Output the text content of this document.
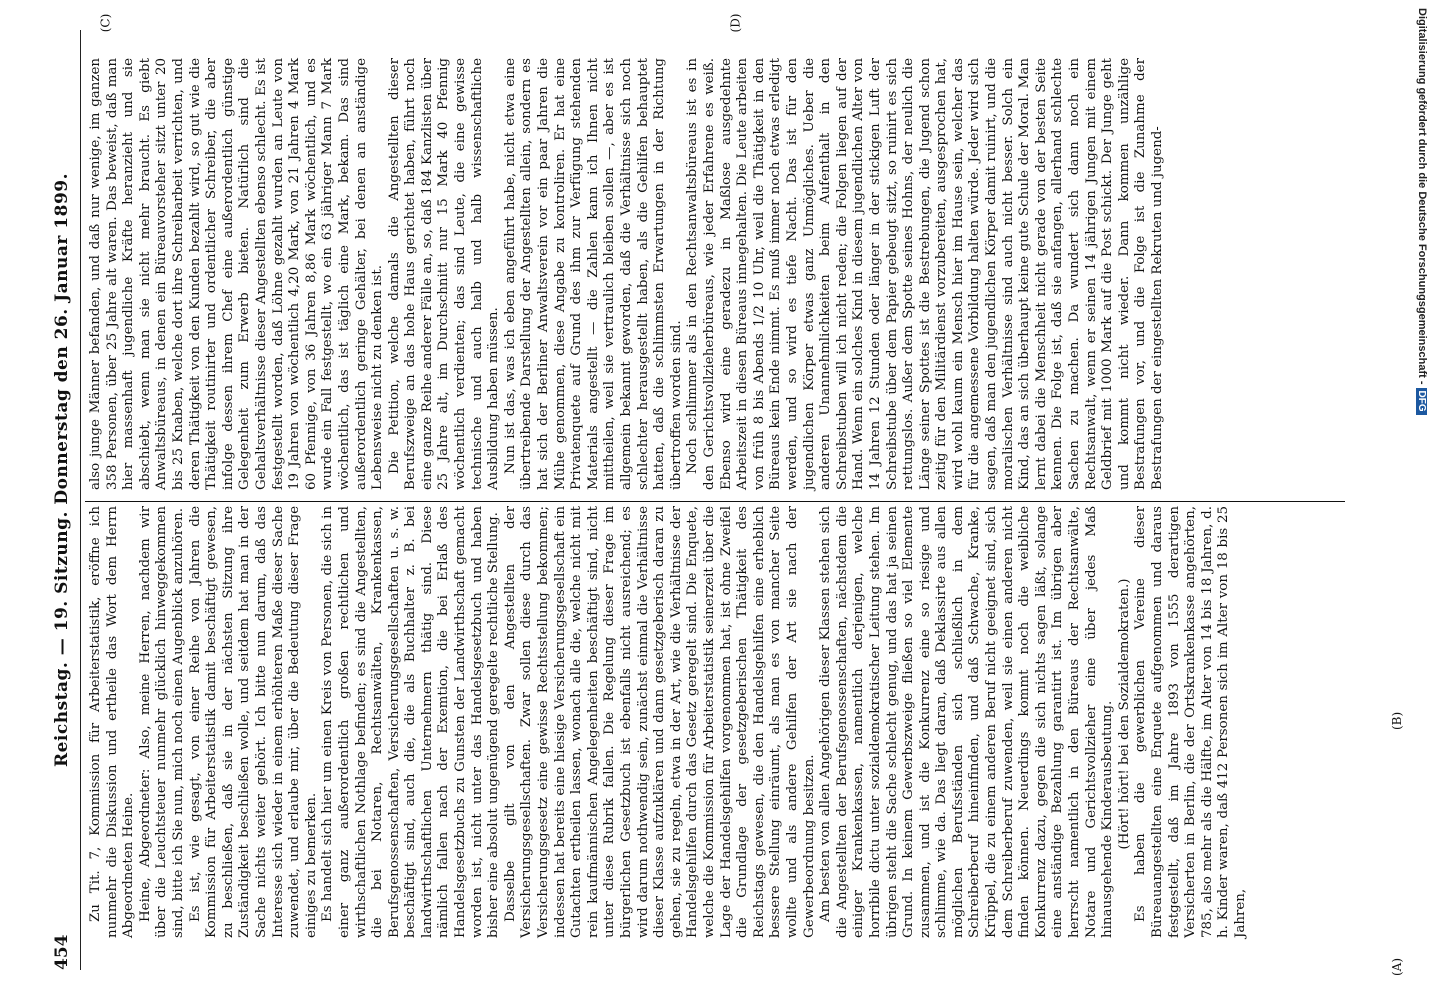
454
Reichstag. — 19. Sitzung. Donnerstag den 26. Januar 1899. Zu Tit. 7, Kommission für Arbeiterstatistik, eröffne ich nunmehr die Diskussion und ertheile das Wort dem Herrn Abgeordneten Heine. Heine, Abgeordneter: Also, meine Herren, nachdem wir über die Leuchtsteuer nunmehr glücklich hinweggekommen sind, bitte ich Sie nun, mich noch einen Augenblick anzuhören. Es ist, wie gesagt, von einer Reihe von Jahren die Kommission für Arbeiterstatistik damit beschäftigt gewesen, zu beschließen, daß sie in der nächsten Sitzung ihre Zuständigkeit beschließen wolle, und seitdem hat man in der Sache nichts weiter gehört. Ich bitte nun darum, daß das Interesse sich wieder in einem erhöhteren Maße dieser Sache zuwendet, und erlaube mir, über die Bedeutung dieser Frage einiges zu bemerken. Es handelt sich hier um einen Kreis von Personen, die sich in einer ganz außerordentlich großen rechtlichen und wirthschaftlichen Nothlage befinden; es sind die Angestellten, die bei Notaren, Rechtsanwälten, Krankenkassen, Berufsgenossenschaften, Versicherungsgesellschaften u. s. w. beschäftigt sind, auch die, die als Buchhalter z. B. bei landwirthschaftlichen Unternehmern thätig sind. Diese nämlich fallen nach der Exemtion, die bei Erlaß des Handelsgesetzbuchs zu Gunsten der Landwirthschaft gemacht worden ist, nicht unter das Handelsgesetzbuch und haben bisher eine absolut ungenügend geregelte rechtliche Stellung. Dasselbe gilt von den Angestellten der Versicherungsgesellschaften. Zwar sollen diese durch das Versicherungsgesetz eine gewisse Rechtsstellung bekommen; indessen hat bereits eine hiesige Versicherungsgesellschaft ein Gutachten ertheilen lassen, wonach alle die, welche nicht mit rein kaufmännischen Angelegenheiten beschäftigt sind, nicht unter diese Rubrik fallen. Die Regelung dieser Frage im bürgerlichen Gesetzbuch ist ebenfalls nicht ausreichend; es wird darum nothwendig sein, zunächst einmal die Verhältnisse dieser Klasse aufzuklären und dann gesetzgeberisch daran zu gehen, sie zu regeln, etwa in der Art, wie die Verhältnisse der Handelsgehilfen durch das Gesetz geregelt sind. Die Enquete, welche die Kommission für Arbeiterstatistik seinerzeit über die Lage der Handelsgehilfen vorgenommen hat, ist ohne Zweifel die Grundlage der gesetzgeberischen Thätigkeit des Reichstags gewesen, die den Handelsgehilfen eine erheblich bessere Stellung einräumt, als man es von mancher Seite wollte und als andere Gehilfen der Art sie nach der Gewerbeordnung besitzen. Am besten von allen Angehörigen dieser Klassen stehen sich die Angestellten der Berufsgenossenschaften, nächstdem die einiger Krankenkassen, namentlich derjenigen, welche horribile dictu unter sozialdemokratischer Leitung stehen. Im übrigen steht die Sache schlecht genug, und das hat ja seinen Grund. In keinem Gewerbszweige fließen so viel Elemente zusammen, und ist die Konkurrenz eine so riesige und schlimme, wie da. Das liegt daran, daß Deklassirte aus allen möglichen Berufsständen sich schließlich in dem Schreiberberuf hineinfinden, und daß Schwache, Kranke, Krüppel, die zu einem anderen Beruf nicht geeignet sind, sich dem Schreiberberuf zuwenden, weil sie einen anderen nicht finden können. Neuerdings kommt noch die weibliche Konkurrenz dazu, gegen die sich nichts sagen läßt, solange eine anständige Bezahlung garantirt ist. Im übrigen aber herrscht namentlich in den Büreaus der Rechtsanwälte, Notare und Gerichtsvollzieher eine über jedes Maß hinausgehende Kinderausbeutung. (Hört! hört! bei den Sozialdemokraten.) Es haben die gewerblichen Vereine dieser Büreauangestellten eine Enquete aufgenommen und daraus festgestellt, daß im Jahre 1893 von 1555 derartigen Versicherten in Berlin, die der Ortskrankenkasse angehörten, 785, also mehr als die Hälfte, im Alter von 14 bis 18 Jahren, d. h. Kinder waren, daß 412 Personen sich im Alter von 18 bis 25 Jahren,

also junge Männer befanden, und daß nur wenige, im ganzen 358 Personen, über 25 Jahre alt waren. Das beweist, daß man hier massenhaft jugendliche Kräfte heranzieht und sie abschiebt, wenn man sie nicht mehr braucht. Es giebt Anwaltsbüreaus, in denen ein Büreauvorsteher sitzt unter 20 bis 25 Knaben, welche dort ihre Schreibarbeit verrichten, und deren Thätigkeit von den Kunden bezahlt wird, so gut wie die Thätigkeit routinirter und ordentlicher Schreiber, die aber infolge dessen ihrem Chef eine außerordentlich günstige Gelegenheit zum Erwerb bieten. Natürlich sind die Gehaltsverhältnisse dieser Angestellten ebenso schlecht. Es ist festgestellt worden, daß Löhne gezahlt wurden an Leute von 19 Jahren von wöchentlich 4,20 Mark, von 21 Jahren 4 Mark 60 Pfennige, von 36 Jahren 8,86 Mark wöchentlich, und es wurde ein Fall festgestellt, wo ein 63 jähriger Mann 7 Mark wöchentlich, das ist täglich eine Mark, bekam. Das sind außerordentlich geringe Gehälter, bei denen an anständige Lebensweise nicht zu denken ist. Die Petition, welche damals die Angestellten dieser Berufszweige an das hohe Haus gerichtet haben, führt noch eine ganze Reihe anderer Fälle an, so, daß 184 Kanzlisten über 25 Jahre alt, im Durchschnitt nur 15 Mark 40 Pfennig wöchentlich verdienten; das sind Leute, die eine gewisse technische und auch halb und halb wissenschaftliche Ausbildung haben müssen. Nun ist das, was ich eben angeführt habe, nicht etwa eine übertreibende Darstellung der Angestellten allein, sondern es hat sich der Berliner Anwaltsverein vor ein paar Jahren die Mühe genommen, diese Angabe zu kontroliren. Er hat eine Privatenquete auf Grund des ihm zur Verfügung stehenden Materials angestellt — die Zahlen kann ich Ihnen nicht mittheilen, weil sie vertraulich bleiben sollen —, aber es ist allgemein bekannt geworden, daß die Verhältnisse sich noch schlechter herausgestellt haben, als die Gehilfen behauptet hatten, daß die schlimmsten Erwartungen in der Richtung übertroffen worden sind. Noch schlimmer als in den Rechtsanwaltsbüreaus ist es in den Gerichtsvollzieherbüreaus, wie jeder Erfahrene es weiß. Ebenso wird eine geradezu in Maßlose ausgedehnte Arbeitszeit in diesen Büreaus innegehalten. Die Leute arbeiten von früh 8 bis Abends 1/2 10 Uhr, weil die Thätigkeit in den Büreaus kein Ende nimmt. Es muß immer noch etwas erledigt werden, und so wird es tiefe Nacht. Das ist für den jugendlichen Körper etwas ganz Unmögliches. Ueber die anderen Unannehmlichkeiten beim Aufenthalt in den Schreibstuben will ich nicht reden; die Folgen liegen auf der Hand. Wenn ein solches Kind in diesem jugendlichen Alter von 14 Jahren 12 Stunden oder länger in der stickigen Luft der Schreibstube über dem Papier gebeugt sitzt, so ruinirt es sich rettungslos. Außer dem Spotte seines Hohns, der neulich die Länge seiner Spottes ist die Bestrebungen, die Jugend schon zeitig für den Militärdienst vorzubereiten, ausgesprochen hat, wird wohl kaum ein Mensch hier im Hause sein, welcher das für die angemessene Vorbildung halten würde. Jeder wird sich sagen, daß man den jugendlichen Körper damit ruinirt, und die moralischen Verhältnisse sind auch nicht besser. Solch ein Kind, das an sich überhaupt keine gute Schule der Moral. Man lernt dabei die Menschheit nicht gerade von der besten Seite kennen. Die Folge ist, daß sie anfangen, allerhand schlechte Sachen zu machen. Da wundert sich dann noch ein Rechtsanwalt, wenn er seinen 14 jährigen Jungen mit einem Geldbrief mit 1000 Mark auf die Post schickt. Der Junge geht und kommt nicht wieder. Dann kommen unzählige Bestrafungen vor, und die Folge ist die Zunahme der Bestrafungen der eingestellten Rekruten und jugend-

(A)
(B)
(C)	(D)	Digitalisierung gefördert durch die Deutsche Forschungsgemeinschaft -DFG
